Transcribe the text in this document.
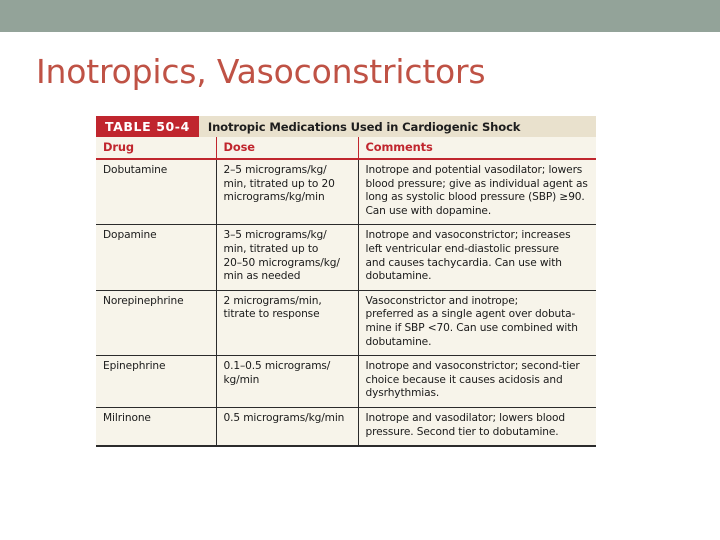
Inotropics, Vasoconstrictors
TABLE 50-4	Inotropic Medications Used in Cardiogenic Shock
Drug	Dose	Comments
Dobutamine	2–5 micrograms/kg/
min, titrated up to 20
micrograms/kg/min	Inotrope and potential vasodilator; lowers
blood pressure; give as individual agent as
long as systolic blood pressure (SBP) ≥90.
Can use with dopamine.

Dopamine	3–5 micrograms/kg/
min, titrated up to
20–50 micrograms/kg/
min as needed	Inotrope and vasoconstrictor; increases
left ventricular end-diastolic pressure
and causes tachycardia. Can use with
dobutamine.

Norepinephrine	2 micrograms/min,
titrate to response	Vasoconstrictor and inotrope;
preferred as a single agent over dobuta-
mine if SBP <70. Can use combined with
dobutamine.

Epinephrine	0.1–0.5 micrograms/
kg/min	Inotrope and vasoconstrictor; second-tier
choice because it causes acidosis and
dysrhythmias.

Milrinone	0.5 micrograms/kg/min	Inotrope and vasodilator; lowers blood
pressure. Second tier to dobutamine.
